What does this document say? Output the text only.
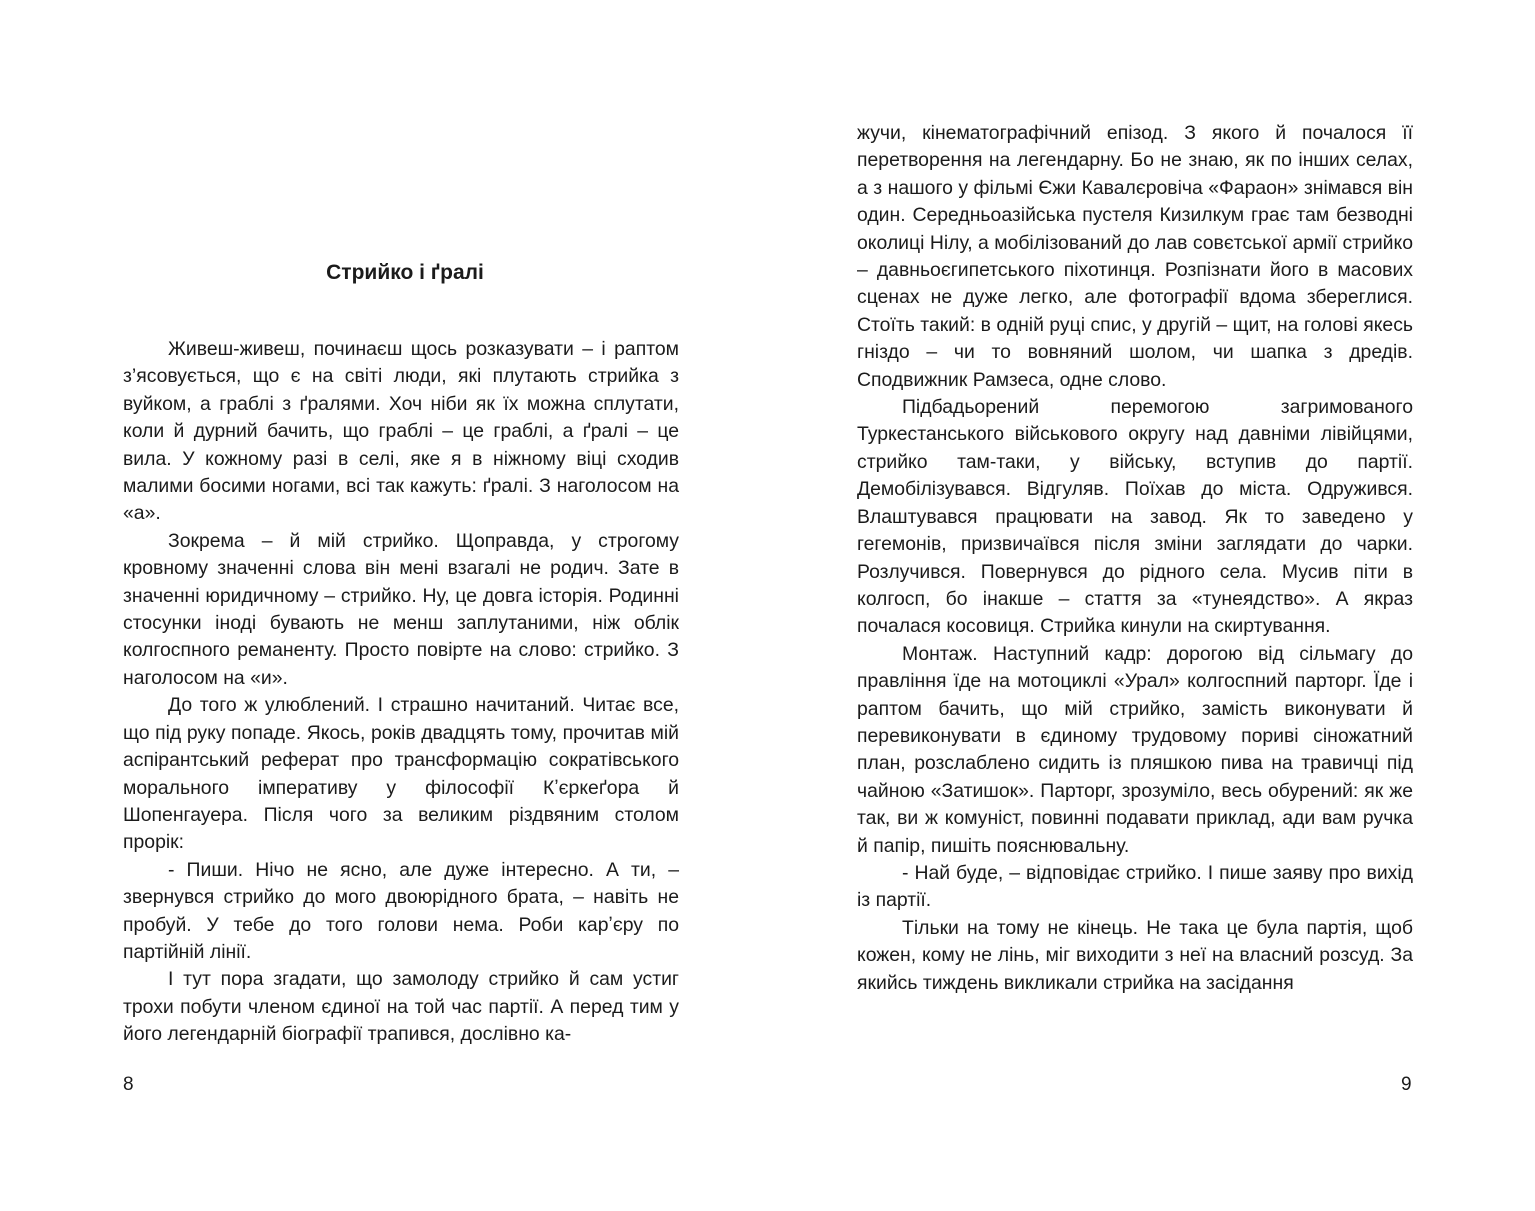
Стрийко і ґралі

Живеш-живеш, починаєш щось розказувати – і раптом з’ясовується, що є на світі люди, які плутають стрийка з вуйком, а граблі з ґралями. Хоч ніби як їх можна сплутати, коли й дурний бачить, що граблі – це граблі, а ґралі – це вила. У кожному разі в селі, яке я в ніжному віці сходив малими босими ногами, всі так кажуть: ґралі. З наголосом на «а».

Зокрема – й мій стрийко. Щоправда, у строгому кровному значенні слова він мені взагалі не родич. Зате в значенні юридичному – стрийко. Ну, це довга історія. Родинні стосунки іноді бувають не менш заплутаними, ніж облік колгоспного реманенту. Просто повірте на слово: стрийко. З наголосом на «и».

До того ж улюблений. І страшно начитаний. Читає все, що під руку попаде. Якось, років двадцять тому, прочитав мій аспірантський реферат про трансформацію сократівського морального імперативу у філософії Кʼєркеґора й Шопенгауера. Після чого за великим різдвяним столом прорік:

- Пиши. Нічо не ясно, але дуже інтересно. А ти, – звернувся стрийко до мого двоюрідного брата, – навіть не пробуй. У тебе до того голови нема. Роби карʼєру по партійній лінії.

І тут пора згадати, що замолоду стрийко й сам устиг трохи побути членом єдиної на той час партії. А перед тим у його легендарній біографії трапився, дослівно ка-

8

жучи, кінематографічний епізод. З якого й почалося її перетворення на легендарну. Бо не знаю, як по інших селах, а з нашого у фільмі Єжи Кавалєровіча «Фараон» знімався він один. Середньоазійська пустеля Кизилкум грає там безводні околиці Нілу, а мобілізований до лав совєтської армії стрийко – давньоєгипетського піхотинця. Розпізнати його в масових сценах не дуже легко, але фотографії вдома збереглися. Стоїть такий: в одній руці спис, у другій – щит, на голові якесь гніздо – чи то вовняний шолом, чи шапка з дредів. Сподвижник Рамзеса, одне слово.

Підбадьорений перемогою загримованого Туркестанського військового округу над давніми лівійцями, стрийко там-таки, у війську, вступив до партії. Демобілізувався. Відгуляв. Поїхав до міста. Одружився. Влаштувався працювати на завод. Як то заведено у гегемонів, призвичаївся після зміни заглядати до чарки. Розлучився. Повернувся до рідного села. Мусив піти в колгосп, бо інакше – стаття за «тунеядство». А якраз почалася косовиця. Стрийка кинули на скиртування.

Монтаж. Наступний кадр: дорогою від сільмагу до правління їде на мотоциклі «Урал» колгоспний парторг. Їде і раптом бачить, що мій стрийко, замість виконувати й перевиконувати в єдиному трудовому пориві сіножатний план, розслаблено сидить із пляшкою пива на травичці під чайною «Затишок». Парторг, зрозуміло, весь обурений: як же так, ви ж комуніст, повинні подавати приклад, ади вам ручка й папір, пишіть пояснювальну.

- Най буде, – відповідає стрийко. І пише заяву про вихід із партії.

Тільки на тому не кінець. Не така це була партія, щоб кожен, кому не лінь, міг виходити з неї на власний розсуд. За якийсь тиждень викликали стрийка на засідання

9
